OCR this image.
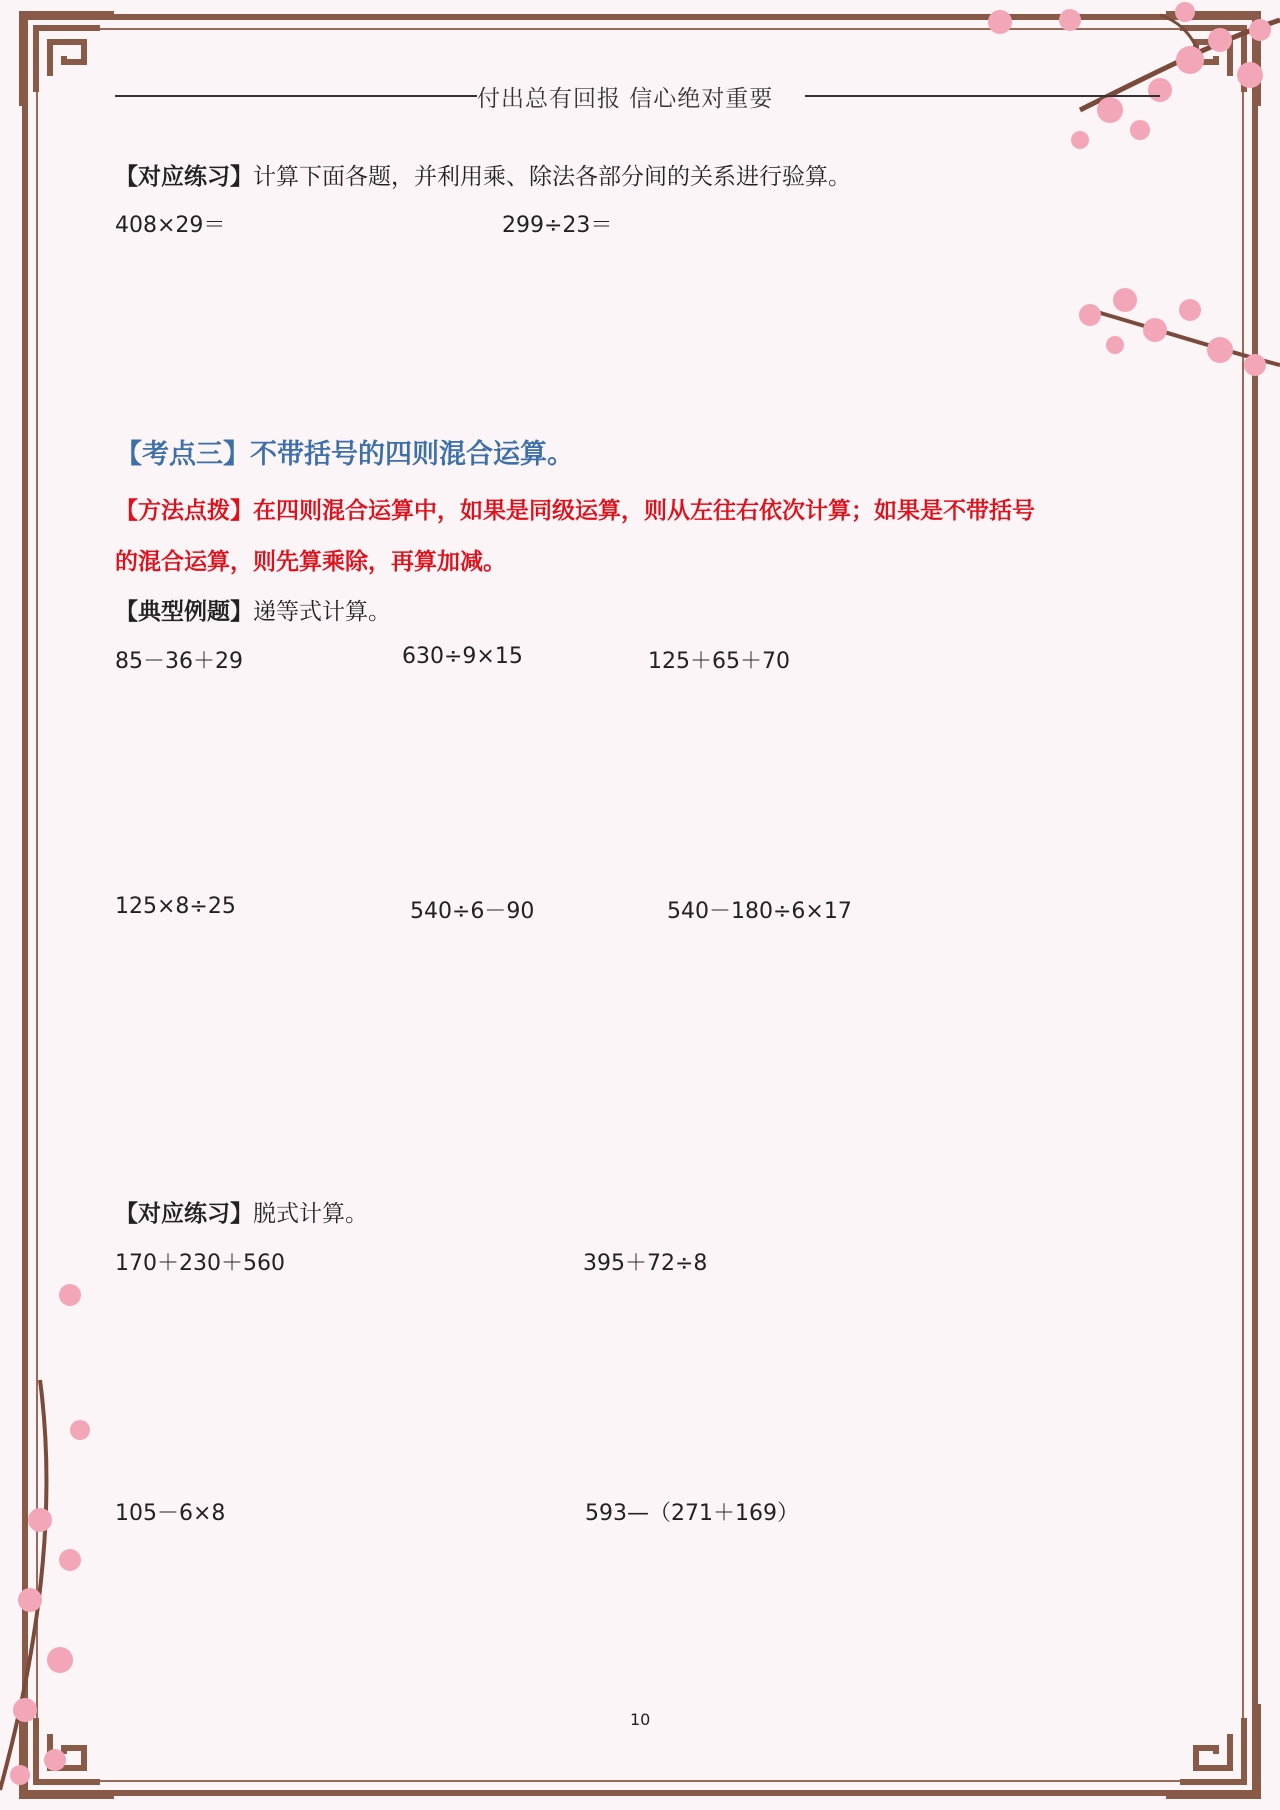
付出总有回报 信心绝对重要
【对应练习】计算下面各题，并利用乘、除法各部分间的关系进行验算。
408×29＝	299÷23＝
【考点三】不带括号的四则混合运算。
【方法点拨】在四则混合运算中，如果是同级运算，则从左往右依次计算；如果是不带括号
的混合运算，则先算乘除，再算加减。
【典型例题】递等式计算。
85－36＋29	630÷9×15	125＋65＋70
125×8÷25	540÷6－90	540－180÷6×17
【对应练习】脱式计算。
170＋230＋560	395＋72÷8
105－6×8	593—（271＋169）
10
